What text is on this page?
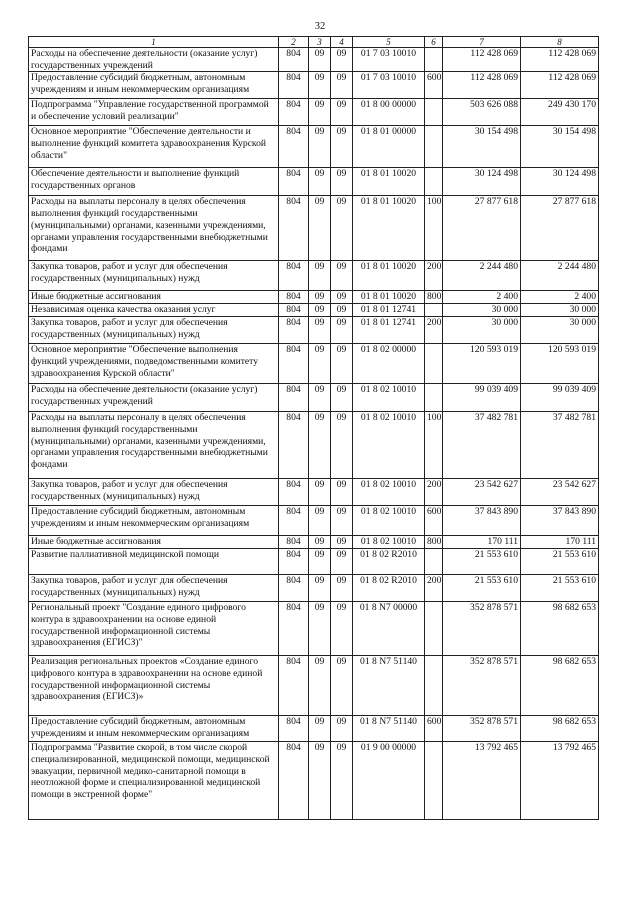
32
1	2	3	4	5	6	7	8
Расходы на обеспечение деятельности (оказание услуг) государственных учреждений	804	09	09	01 7 03 10010		112 428 069	112 428 069
Предоставление субсидий бюджетным, автономным учреждениям и иным некоммерческим организациям	804	09	09	01 7 03 10010	600	112 428 069	112 428 069
Подпрограмма "Управление государственной программой и обеспечение условий реализации"	804	09	09	01 8 00 00000		503 626 088	249 430 170
Основное мероприятие "Обеспечение деятельности и выполнение функций комитета здравоохранения Курской области"	804	09	09	01 8 01 00000		30 154 498	30 154 498
Обеспечение деятельности и выполнение функций государственных органов	804	09	09	01 8 01 10020		30 124 498	30 124 498
Расходы на выплаты персоналу в целях обеспечения выполнения функций государственными (муниципальными) органами, казенными учреждениями, органами управления государственными внебюджетными фондами	804	09	09	01 8 01 10020	100	27 877 618	27 877 618
Закупка товаров, работ и услуг для обеспечения государственных (муниципальных) нужд	804	09	09	01 8 01 10020	200	2 244 480	2 244 480
Иные бюджетные ассигнования	804	09	09	01 8 01 10020	800	2 400	2 400
Независимая оценка качества оказания услуг	804	09	09	01 8 01 12741		30 000	30 000
Закупка товаров, работ и услуг для обеспечения государственных (муниципальных) нужд	804	09	09	01 8 01 12741	200	30 000	30 000
Основное мероприятие "Обеспечение выполнения функций учреждениями, подведомственными комитету здравоохранения Курской области"	804	09	09	01 8 02 00000		120 593 019	120 593 019
Расходы на обеспечение деятельности (оказание услуг) государственных учреждений	804	09	09	01 8 02 10010		99 039 409	99 039 409
Расходы на выплаты персоналу в целях обеспечения выполнения функций государственными (муниципальными) органами, казенными учреждениями, органами управления государственными внебюджетными фондами	804	09	09	01 8 02 10010	100	37 482 781	37 482 781
Закупка товаров, работ и услуг для обеспечения государственных (муниципальных) нужд	804	09	09	01 8 02 10010	200	23 542 627	23 542 627
Предоставление субсидий бюджетным, автономным учреждениям и иным некоммерческим организациям	804	09	09	01 8 02 10010	600	37 843 890	37 843 890
Иные бюджетные ассигнования	804	09	09	01 8 02 10010	800	170 111	170 111
Развитие паллиативной медицинской помощи	804	09	09	01 8 02 R2010		21 553 610	21 553 610
Закупка товаров, работ и услуг для обеспечения государственных (муниципальных) нужд	804	09	09	01 8 02 R2010	200	21 553 610	21 553 610
Региональный проект "Создание единого цифрового контура в здравоохранении на основе единой государственной информационной системы здравоохранения (ЕГИСЗ)"	804	09	09	01 8 N7 00000		352 878 571	98 682 653
Реализация региональных проектов «Создание единого цифрового контура в здравоохранении на основе единой государственной информационной системы здравоохранения (ЕГИСЗ)»	804	09	09	01 8 N7 51140		352 878 571	98 682 653
Предоставление субсидий бюджетным, автономным учреждениям и иным некоммерческим организациям	804	09	09	01 8 N7 51140	600	352 878 571	98 682 653
Подпрограмма "Развитие скорой, в том числе скорой специализированной, медицинской помощи, медицинской эвакуации, первичной медико-санитарной помощи в неотложной форме и специализированной медицинской помощи в экстренной форме"	804	09	09	01 9 00 00000		13 792 465	13 792 465
